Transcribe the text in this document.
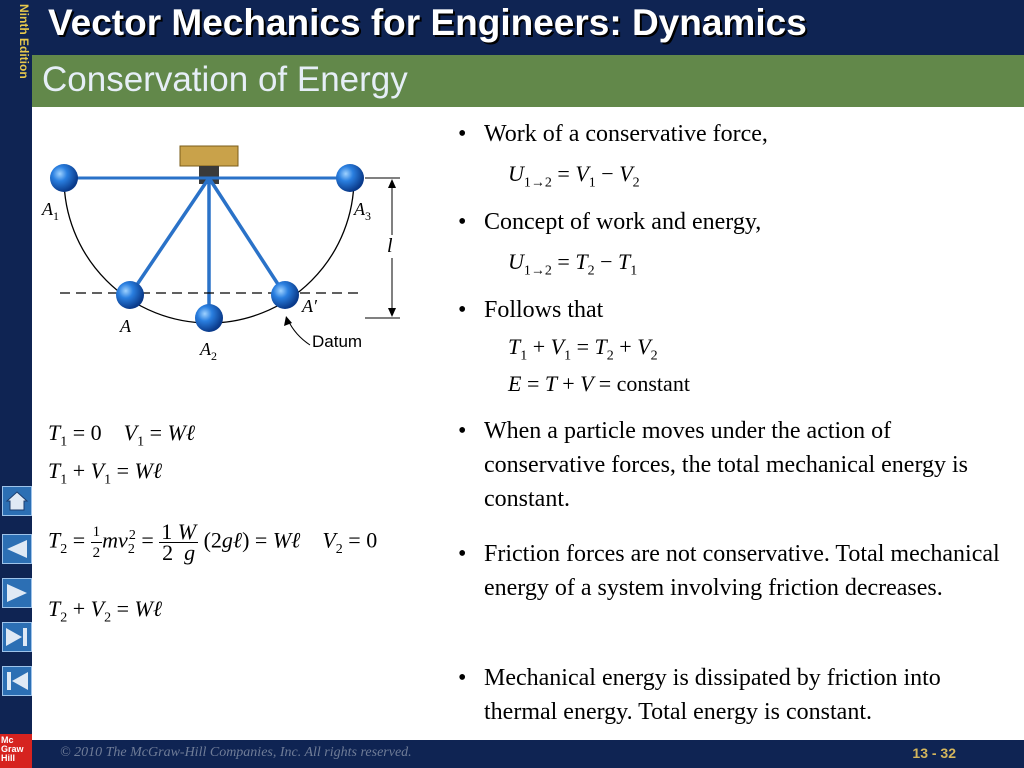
Ninth Edition
Mc
Graw
Hill
Vector Mechanics for Engineers: Dynamics
Conservation of Energy
$A_1$	$A_3$
A
A′
$A_2$
l
Datum
$T_1 = 0$ $V_1$ = Wℓ
$T_1 + V_1$ = Wℓ
$T_2 = \frac{1}{2} mv_2^2 = \frac{1 W}{2 g}$ (2gℓ) = Wℓ $V_2 = 0$
$T_2 + V_2$ = Wℓ
• Work of a conservative force,
$U_{1\to 2} = V_1 - V_2$
• Concept of work and energy,
$U_{1\to 2} = T_2 - T_1$
• Follows that
$T_1 + V_1 = T_2 + V_2$
E = T + V = constant
• When a particle moves under the action of conservative forces, the total mechanical energy is constant.
• Friction forces are not conservative. Total mechanical energy of a system involving friction decreases.
• Mechanical energy is dissipated by friction into thermal energy. Total energy is constant.
© 2010 The McGraw-Hill Companies, Inc. All rights reserved.	13 - 32
